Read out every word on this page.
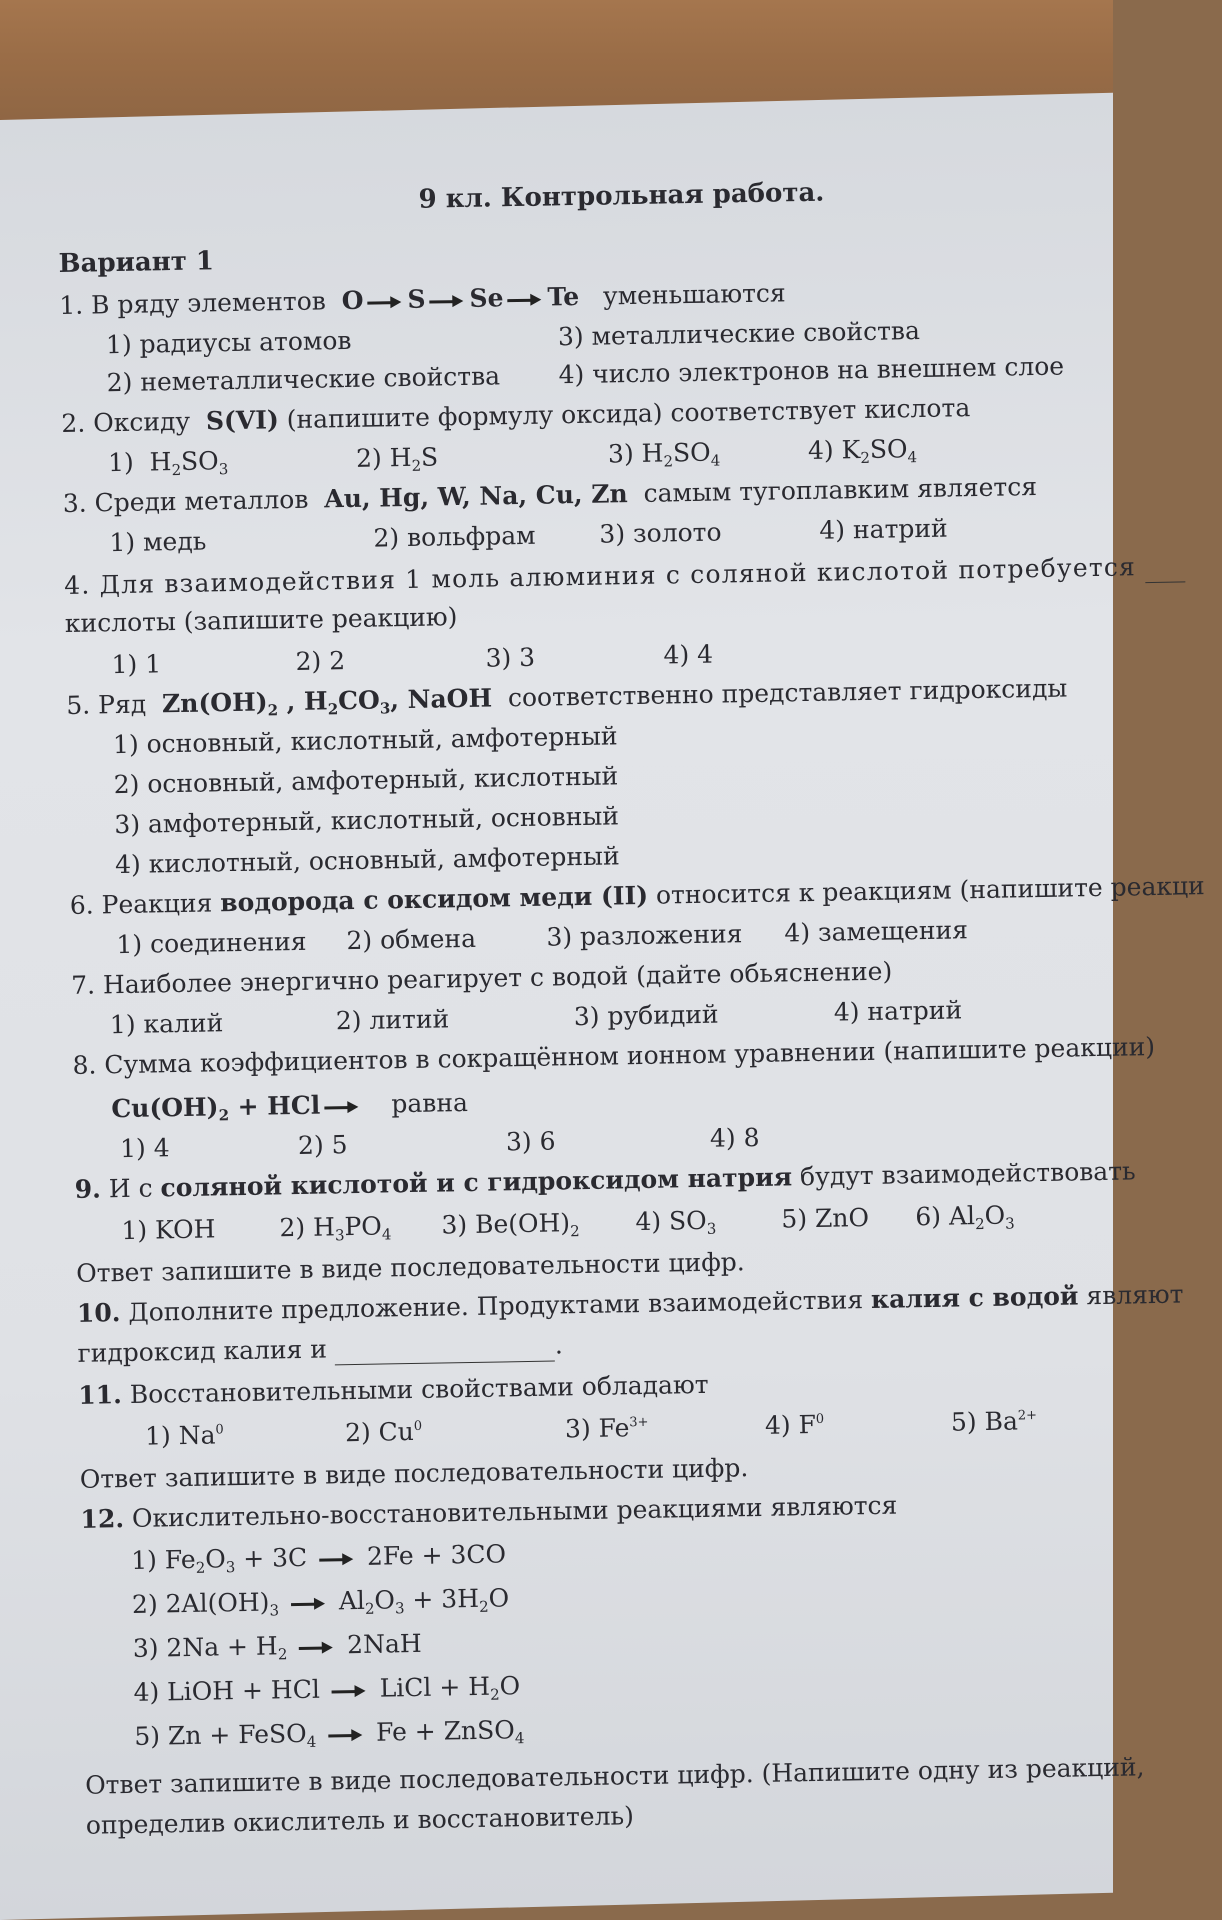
9 кл. Контрольная работа.
Вариант 1
1. В ряду элементов O S Se Te уменьшаются
1) радиусы атомов	3) металлические свойства
2) неметаллические свойства 4) число электронов на внешнем слое
2. Оксиду S(VI) (напишите формулу оксида) соответствует кислота
1)  $H_2SO_3$	2) $H_2S$	3) $H_2SO_4$	4) $K_2SO_4$
3. Среди металлов Au, Hg, W, Na, Cu, Zn самым тугоплавким является
1) медь	2) вольфрам	3) золото	4) натрий
4. Для взаимодействия 1 моль алюминия с соляной кислотой потребуется
кислоты (запишите реакцию)
1) 1	2) 2	3) 3	4) 4
5. Ряд $Zn(OH)_2$ , $H_2CO_3$, NaOH соответственно представляет гидроксиды
1) основный, кислотный, амфотерный
2) основный, амфотерный, кислотный
3) амфотерный, кислотный, основный
4) кислотный, основный, амфотерный
6. Реакция водорода с оксидом меди (II) относится к реакциям (напишите реакци
1) соединения 2) обмена	3) разложения 4) замещения
7. Наиболее энергично реагирует с водой (дайте обьяснение)
1) калий	2) литий	3) рубидий	4) натрий
8. Сумма коэффициентов в сокращённом ионном уравнении (напишите реакции)
$Cu(OH)_2$ + HCl	равна
1) 4	2) 5	3) 6	4) 8
9. И с соляной кислотой и с гидроксидом натрия будут взаимодействовать
1) KOH	2) $H_3PO_4$ 3) $Be(OH)_2$ 4) $SO_3$	5) ZnO 6) $Al_2O_3$
Ответ запишите в виде последовательности цифр.
10. Дополните предложение. Продуктами взаимодействия калия с водой являют
гидроксид калия и	.
11. Восстановительными свойствами обладают
1) Na$^0$	2) Cu$^0$	3) $Fe^{3+}$	4) $F^0$	5) $Ba^{2+}$
Ответ запишите в виде последовательности цифр.
12. Окислительно-восстановительными реакциями являются
1) $Fe_2O_3 + 3C$  2Fe + 3CO
2) $2Al(OH)_3$  $Al_2O_3 + 3H_2O$
3) $2Na + H_2$  2NaH
4) LiOH + HCl  LiCl + $H_2O$
5) Zn + FeSO$_4$  Fe + ZnSO$_4$
Ответ запишите в виде последовательности цифр. (Напишите одну из реакций,
определив окислитель и восстановитель)
